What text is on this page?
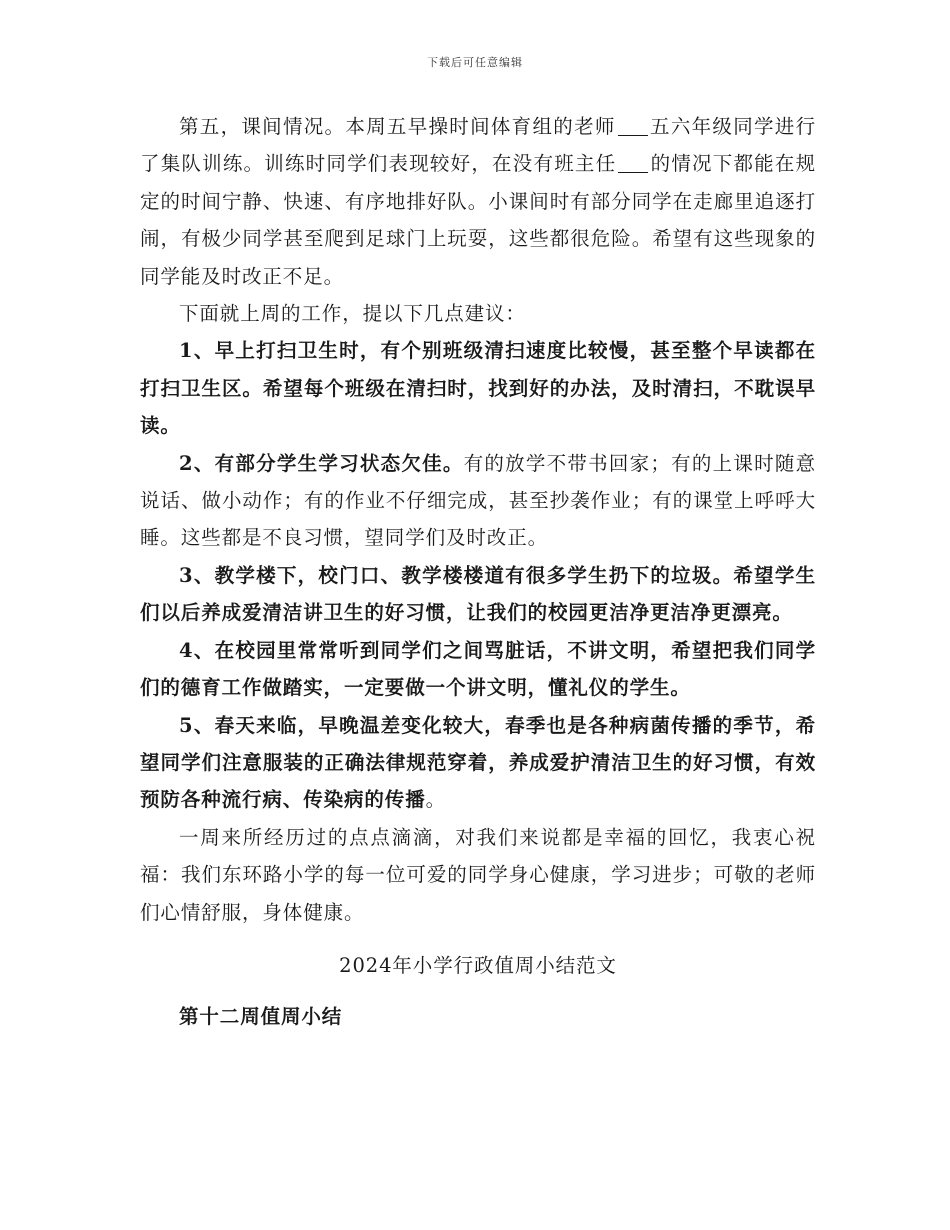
下载后可任意编辑

第五，课间情况。本周五早操时间体育组的老师 五六年级同学进行了集队训练。训练时同学们表现较好，在没有班主任 的情况下都能在规定的时间宁静、快速、有序地排好队。小课间时有部分同学在走廊里追逐打闹，有极少同学甚至爬到足球门上玩耍，这些都很危险。希望有这些现象的同学能及时改正不足。

下面就上周的工作，提以下几点建议：

1、早上打扫卫生时，有个别班级清扫速度比较慢，甚至整个早读都在打扫卫生区。希望每个班级在清扫时，找到好的办法，及时清扫，不耽误早读。

2、有部分学生学习状态欠佳。有的放学不带书回家；有的上课时随意说话、做小动作；有的作业不仔细完成，甚至抄袭作业；有的课堂上呼呼大睡。这些都是不良习惯，望同学们及时改正。

3、教学楼下，校门口、教学楼楼道有很多学生扔下的垃圾。希望学生们以后养成爱清洁讲卫生的好习惯，让我们的校园更洁净更洁净更漂亮。

4、在校园里常常听到同学们之间骂脏话，不讲文明，希望把我们同学们的德育工作做踏实，一定要做一个讲文明，懂礼仪的学生。

5、春天来临，早晚温差变化较大，春季也是各种病菌传播的季节，希望同学们注意服装的正确法律规范穿着，养成爱护清洁卫生的好习惯，有效预防各种流行病、传染病的传播。

一周来所经历过的点点滴滴，对我们来说都是幸福的回忆，我衷心祝福：我们东环路小学的每一位可爱的同学身心健康，学习进步；可敬的老师们心情舒服，身体健康。

2024年小学行政值周小结范文

第十二周值周小结
